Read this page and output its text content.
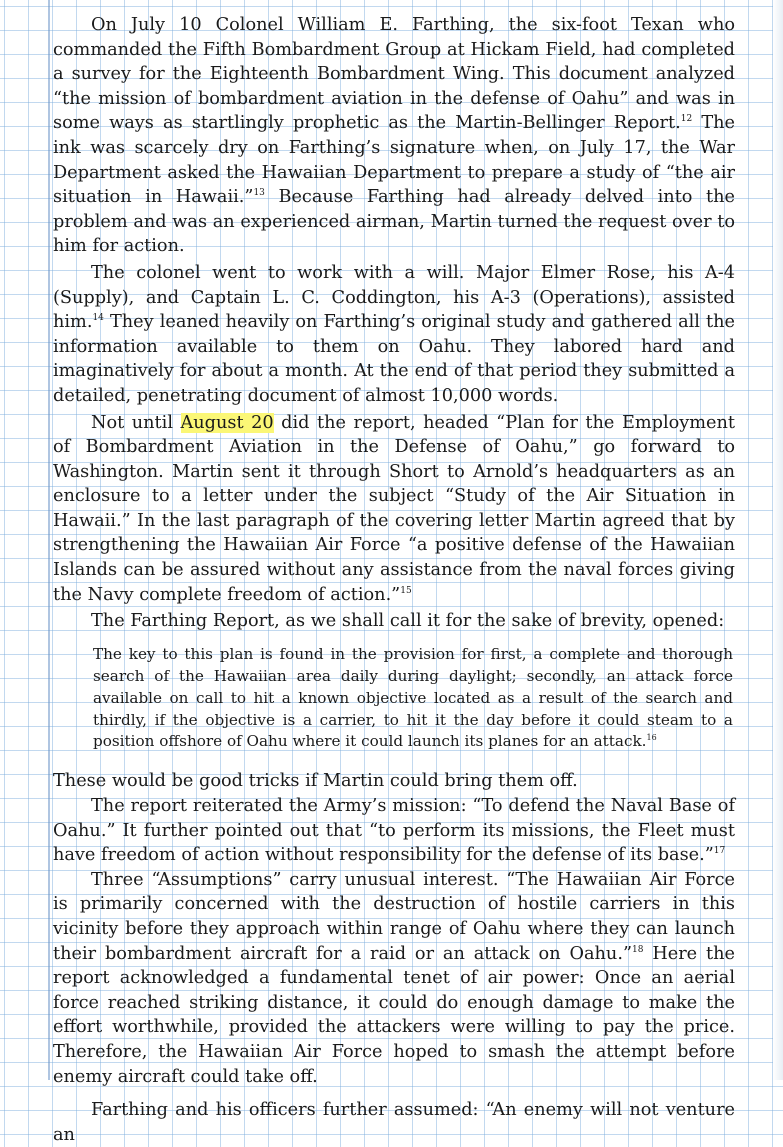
On July 10 Colonel William E. Farthing, the six-foot Texan who commanded the Fifth Bombardment Group at Hickam Field, had completed a survey for the Eighteenth Bombardment Wing. This document analyzed “the mission of bombardment aviation in the defense of Oahu” and was in some ways as startlingly prophetic as the Martin-Bellinger Report.$^{12}$ The ink was scarcely dry on Farthing’s signature when, on July 17, the War Department asked the Hawaiian Department to prepare a study of “the air situation in Hawaii.”$^{13}$ Because Farthing had already delved into the problem and was an experienced airman, Martin turned the request over to him for action.

The colonel went to work with a will. Major Elmer Rose, his A-4 (Supply), and Captain L. C. Coddington, his A-3 (Operations), assisted him.$^{14}$ They leaned heavily on Farthing’s original study and gathered all the information available to them on Oahu. They labored hard and imaginatively for about a month. At the end of that period they submitted a detailed, penetrating document of almost 10,000 words.

Not until August 20 did the report, headed “Plan for the Employment of Bombardment Aviation in the Defense of Oahu,” go forward to Washington. Martin sent it through Short to Arnold’s headquarters as an enclosure to a letter under the subject “Study of the Air Situation in Hawaii.” In the last paragraph of the covering letter Martin agreed that by strengthening the Hawaiian Air Force “a positive defense of the Hawaiian Islands can be assured without any assistance from the naval forces giving the Navy complete freedom of action.”$^{15}$

The Farthing Report, as we shall call it for the sake of brevity, opened:

The key to this plan is found in the provision for first, a complete and thorough search of the Hawaiian area daily during daylight; secondly, an attack force available on call to hit a known objective located as a result of the search and thirdly, if the objective is a carrier, to hit it the day before it could steam to a position offshore of Oahu where it could launch its planes for an attack.$^{16}$

These would be good tricks if Martin could bring them off.

The report reiterated the Army’s mission: “To defend the Naval Base of Oahu.” It further pointed out that “to perform its missions, the Fleet must have freedom of action without responsibility for the defense of its base.”$^{17}$

Three “Assumptions” carry unusual interest. “The Hawaiian Air Force is primarily concerned with the destruction of hostile carriers in this vicinity before they approach within range of Oahu where they can launch their bombardment aircraft for a raid or an attack on Oahu.”$^{18}$ Here the report acknowledged a fundamental tenet of air power: Once an aerial force reached striking distance, it could do enough damage to make the effort worthwhile, provided the attackers were willing to pay the price. Therefore, the Hawaiian Air Force hoped to smash the attempt before enemy aircraft could take off.

Farthing and his officers further assumed: “An enemy will not venture an
